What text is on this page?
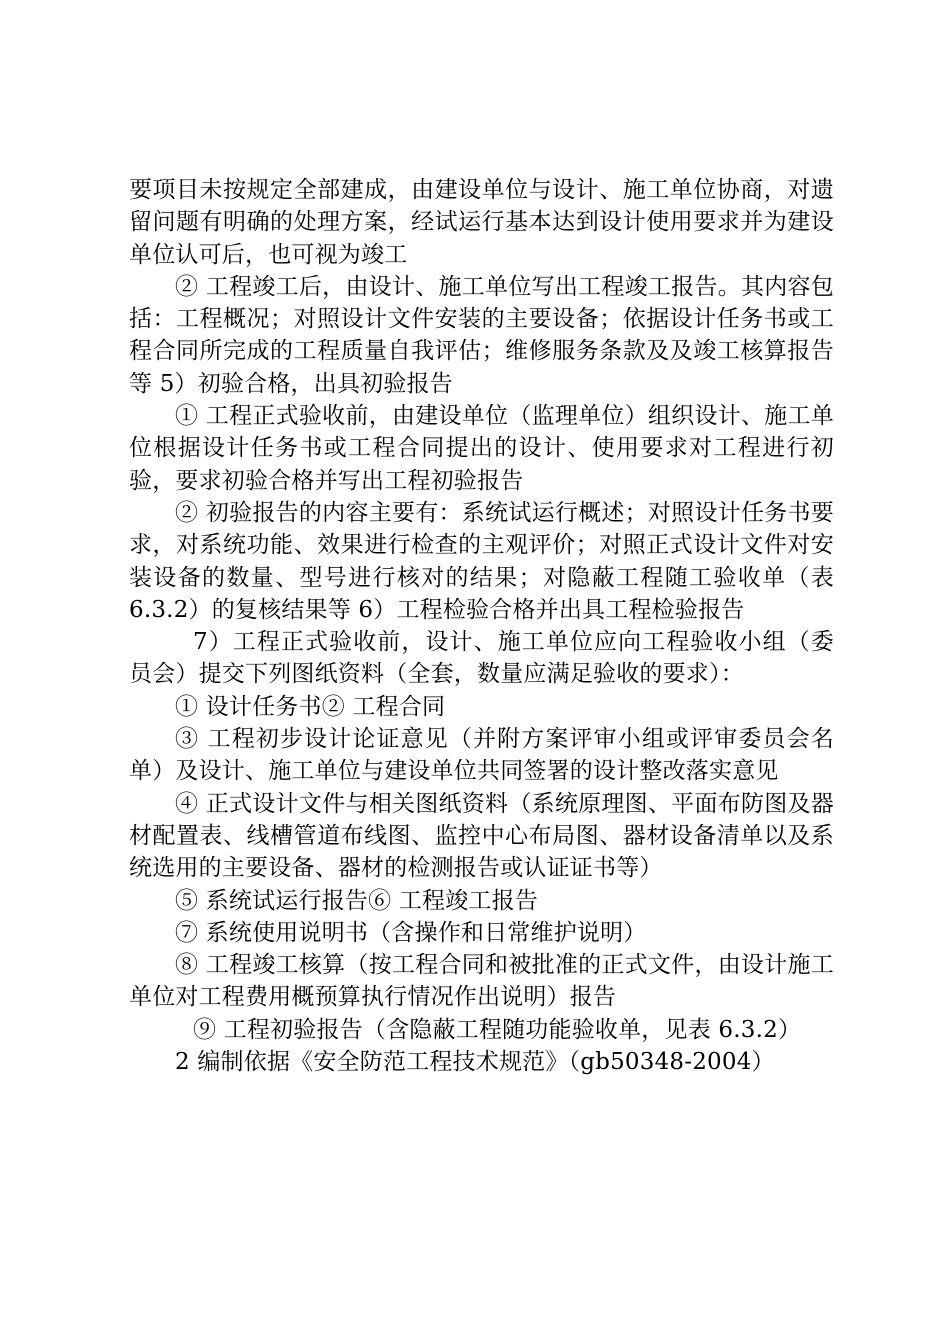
要项目未按规定全部建成，由建设单位与设计、施工单位协商，对遗留问题有明确的处理方案，经试运行基本达到设计使用要求并为建设单位认可后，也可视为竣工

② 工程竣工后，由设计、施工单位写出工程竣工报告。其内容包括：工程概况；对照设计文件安装的主要设备；依据设计任务书或工程合同所完成的工程质量自我评估；维修服务条款及及竣工核算报告等 5）初验合格，出具初验报告

① 工程正式验收前，由建设单位（监理单位）组织设计、施工单位根据设计任务书或工程合同提出的设计、使用要求对工程进行初验，要求初验合格并写出工程初验报告

② 初验报告的内容主要有：系统试运行概述；对照设计任务书要求，对系统功能、效果进行检查的主观评价；对照正式设计文件对安装设备的数量、型号进行核对的结果；对隐蔽工程随工验收单（表 6.3.2）的复核结果等 6）工程检验合格并出具工程检验报告

7）工程正式验收前，设计、施工单位应向工程验收小组（委员会）提交下列图纸资料（全套，数量应满足验收的要求）：

① 设计任务书② 工程合同

③ 工程初步设计论证意见（并附方案评审小组或评审委员会名单）及设计、施工单位与建设单位共同签署的设计整改落实意见

④ 正式设计文件与相关图纸资料（系统原理图、平面布防图及器材配置表、线槽管道布线图、监控中心布局图、器材设备清单以及系统选用的主要设备、器材的检测报告或认证证书等）

⑤ 系统试运行报告⑥ 工程竣工报告

⑦ 系统使用说明书（含操作和日常维护说明）

⑧ 工程竣工核算（按工程合同和被批准的正式文件，由设计施工单位对工程费用概预算执行情况作出说明）报告

⑨ 工程初验报告（含隐蔽工程随功能验收单，见表 6.3.2）

2 编制依据《安全防范工程技术规范》（gb50348-2004）
